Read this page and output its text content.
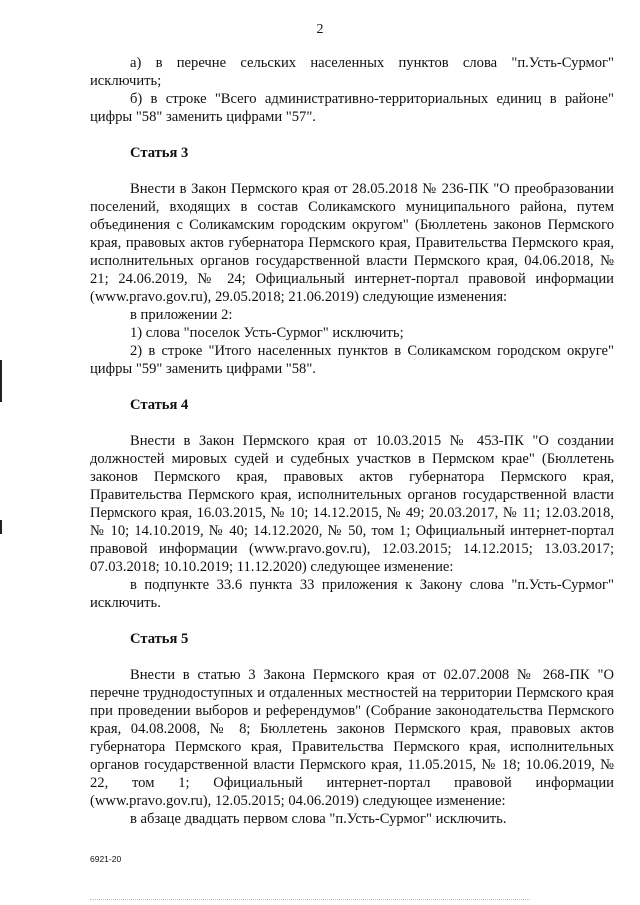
2

а) в перечне сельских населенных пунктов слова "п.Усть-Сурмог" исключить;

б) в строке "Всего административно-территориальных единиц в районе" цифры "58" заменить цифрами "57".

Статья 3

Внести в Закон Пермского края от 28.05.2018 № 236-ПК "О преобразовании поселений, входящих в состав Соликамского муниципального района, путем объединения с Соликамским городским округом" (Бюллетень законов Пермского края, правовых актов губернатора Пермского края, Правительства Пермского края, исполнительных органов государственной власти Пермского края, 04.06.2018, № 21; 24.06.2019, № 24; Официальный интернет-портал правовой информации (www.pravo.gov.ru), 29.05.2018; 21.06.2019) следующие изменения:

в приложении 2:

1) слова "поселок Усть-Сурмог" исключить;

2) в строке "Итого населенных пунктов в Соликамском городском округе" цифры "59" заменить цифрами "58".

Статья 4

Внести в Закон Пермского края от 10.03.2015 № 453-ПК "О создании должностей мировых судей и судебных участков в Пермском крае" (Бюллетень законов Пермского края, правовых актов губернатора Пермского края, Правительства Пермского края, исполнительных органов государственной власти Пермского края, 16.03.2015, № 10; 14.12.2015, № 49; 20.03.2017, № 11; 12.03.2018, № 10; 14.10.2019, № 40; 14.12.2020, № 50, том 1; Официальный интернет-портал правовой информации (www.pravo.gov.ru), 12.03.2015; 14.12.2015; 13.03.2017; 07.03.2018; 10.10.2019; 11.12.2020) следующее изменение:

в подпункте 33.6 пункта 33 приложения к Закону слова "п.Усть-Сурмог" исключить.

Статья 5

Внести в статью 3 Закона Пермского края от 02.07.2008 № 268-ПК "О перечне труднодоступных и отдаленных местностей на территории Пермского края при проведении выборов и референдумов" (Собрание законодательства Пермского края, 04.08.2008, № 8; Бюллетень законов Пермского края, правовых актов губернатора Пермского края, Правительства Пермского края, исполнительных органов государственной власти Пермского края, 11.05.2015, № 18; 10.06.2019, № 22, том 1; Официальный интернет-портал правовой информации (www.pravo.gov.ru), 12.05.2015; 04.06.2019) следующее изменение:

в абзаце двадцать первом слова "п.Усть-Сурмог" исключить.

6921-20
